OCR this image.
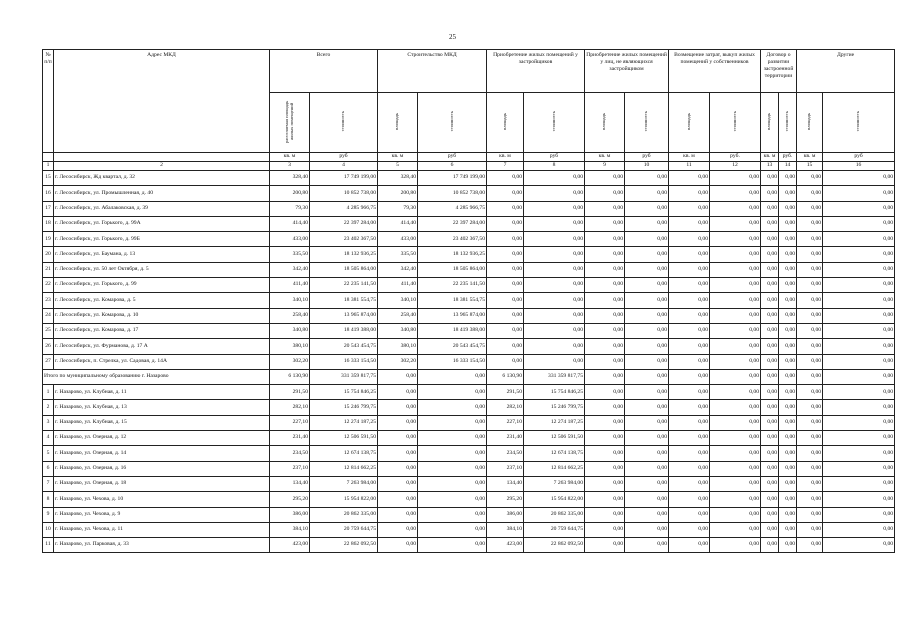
25
№ п/п	Адрес МКД	Всего		Строительство МКД		Приобретение жилых помещений у застройщиков		Приобретение жилых помещений у лиц, не являющихся застройщиком		Возмещение затрат, выкуп жилых помещений у собственников		Договор о развитии застроенной территории		Другие	
		расселяемая площадь жилых помещений	стоимость	площадь	стоимость	площадь	стоимость	площадь	стоимость	площадь	стоимость	площадь	стоимость	площадь	стоимость
		кв. м	руб	кв. м	руб	кв. м	руб	кв. м	руб	кв. м	руб.	кв. м	руб.	кв. м	руб
1	2	3	4	5	6	7	8	9	10	11	12	13	14	15	16
15	г. Лесосибирск, Жд квартал, д. 32	328,40	17 749 199,00	328,40	17 749 199,00	0,00	0,00	0,00	0,00	0,00	0,00	0,00	0,00	0,00	0,00
16	г. Лесосибирск, ул. Промышленная, д. 40	200,80	10 852 738,00	200,80	10 852 738,00	0,00	0,00	0,00	0,00	0,00	0,00	0,00	0,00	0,00	0,00
17	г. Лесосибирск, ул. Абалаковская, д. 39	79,30	4 285 966,75	79,30	4 285 966,75	0,00	0,00	0,00	0,00	0,00	0,00	0,00	0,00	0,00	0,00
18	г. Лесосибирск, ул. Горького, д. 99А	414,40	22 397 284,00	414,40	22 397 284,00	0,00	0,00	0,00	0,00	0,00	0,00	0,00	0,00	0,00	0,00
19	г. Лесосибирск, ул. Горького, д. 99Б	433,00	23 402 367,50	433,00	23 402 367,50	0,00	0,00	0,00	0,00	0,00	0,00	0,00	0,00	0,00	0,00
20	г. Лесосибирск, ул. Баумана, д. 13	335,50	18 132 936,25	335,50	18 132 936,25	0,00	0,00	0,00	0,00	0,00	0,00	0,00	0,00	0,00	0,00
21	г. Лесосибирск, ул. 50 лет Октября, д. 5	342,40	18 505 864,00	342,40	18 505 864,00	0,00	0,00	0,00	0,00	0,00	0,00	0,00	0,00	0,00	0,00
22	г. Лесосибирск, ул. Горького, д. 99	411,40	22 235 141,50	411,40	22 235 141,50	0,00	0,00	0,00	0,00	0,00	0,00	0,00	0,00	0,00	0,00
23	г. Лесосибирск, ул. Комарова, д. 5	340,10	18 381 554,75	340,10	18 381 554,75	0,00	0,00	0,00	0,00	0,00	0,00	0,00	0,00	0,00	0,00
24	г. Лесосибирск, ул. Комарова, д. 10	258,40	13 965 874,00	258,40	13 965 874,00	0,00	0,00	0,00	0,00	0,00	0,00	0,00	0,00	0,00	0,00
25	г. Лесосибирск, ул. Комарова, д. 17	340,80	18 419 388,00	340,80	18 419 388,00	0,00	0,00	0,00	0,00	0,00	0,00	0,00	0,00	0,00	0,00
26	г. Лесосибирск, ул. Фурманова, д. 17 А	380,10	20 543 454,75	380,10	20 543 454,75	0,00	0,00	0,00	0,00	0,00	0,00	0,00	0,00	0,00	0,00
27	г. Лесосибирск, п. Стрелка, ул. Садовая, д. 14А	302,20	16 333 154,50	302,20	16 333 154,50	0,00	0,00	0,00	0,00	0,00	0,00	0,00	0,00	0,00	0,00
Итого по муниципальному образованию г. Назарово		6 130,90	331 359 817,75	0,00	0,00	6 130,90	331 359 817,75	0,00	0,00	0,00	0,00	0,00	0,00	0,00	0,00
1	г. Назарово, ул. Клубная, д. 11	291,50	15 754 846,25	0,00	0,00	291,50	15 754 846,25	0,00	0,00	0,00	0,00	0,00	0,00	0,00	0,00
2	г. Назарово, ул. Клубная, д. 13	282,10	15 246 799,75	0,00	0,00	282,10	15 246 799,75	0,00	0,00	0,00	0,00	0,00	0,00	0,00	0,00
3	г. Назарово, ул. Клубная, д. 15	227,10	12 274 187,25	0,00	0,00	227,10	12 274 187,25	0,00	0,00	0,00	0,00	0,00	0,00	0,00	0,00
4	г. Назарово, ул. Озерная, д. 12	231,40	12 506 591,50	0,00	0,00	231,40	12 506 591,50	0,00	0,00	0,00	0,00	0,00	0,00	0,00	0,00
5	г. Назарово, ул. Озерная, д. 14	234,50	12 674 138,75	0,00	0,00	234,50	12 674 138,75	0,00	0,00	0,00	0,00	0,00	0,00	0,00	0,00
6	г. Назарово, ул. Озерная, д. 16	237,10	12 814 662,25	0,00	0,00	237,10	12 814 662,25	0,00	0,00	0,00	0,00	0,00	0,00	0,00	0,00
7	г. Назарово, ул. Озерная, д. 18	134,40	7 263 984,00	0,00	0,00	134,40	7 263 984,00	0,00	0,00	0,00	0,00	0,00	0,00	0,00	0,00
8	г. Назарово, ул. Чехова, д. 10	295,20	15 954 822,00	0,00	0,00	295,20	15 954 822,00	0,00	0,00	0,00	0,00	0,00	0,00	0,00	0,00
9	г. Назарово, ул. Чехова, д. 9	386,00	20 862 335,00	0,00	0,00	386,00	20 862 335,00	0,00	0,00	0,00	0,00	0,00	0,00	0,00	0,00
10	г. Назарово, ул. Чехова, д. 11	384,10	20 759 644,75	0,00	0,00	384,10	20 759 644,75	0,00	0,00	0,00	0,00	0,00	0,00	0,00	0,00
11	г. Назарово, ул. Парковая, д. 33	423,00	22 862 092,50	0,00	0,00	423,00	22 862 092,50	0,00	0,00	0,00	0,00	0,00	0,00	0,00	0,00
